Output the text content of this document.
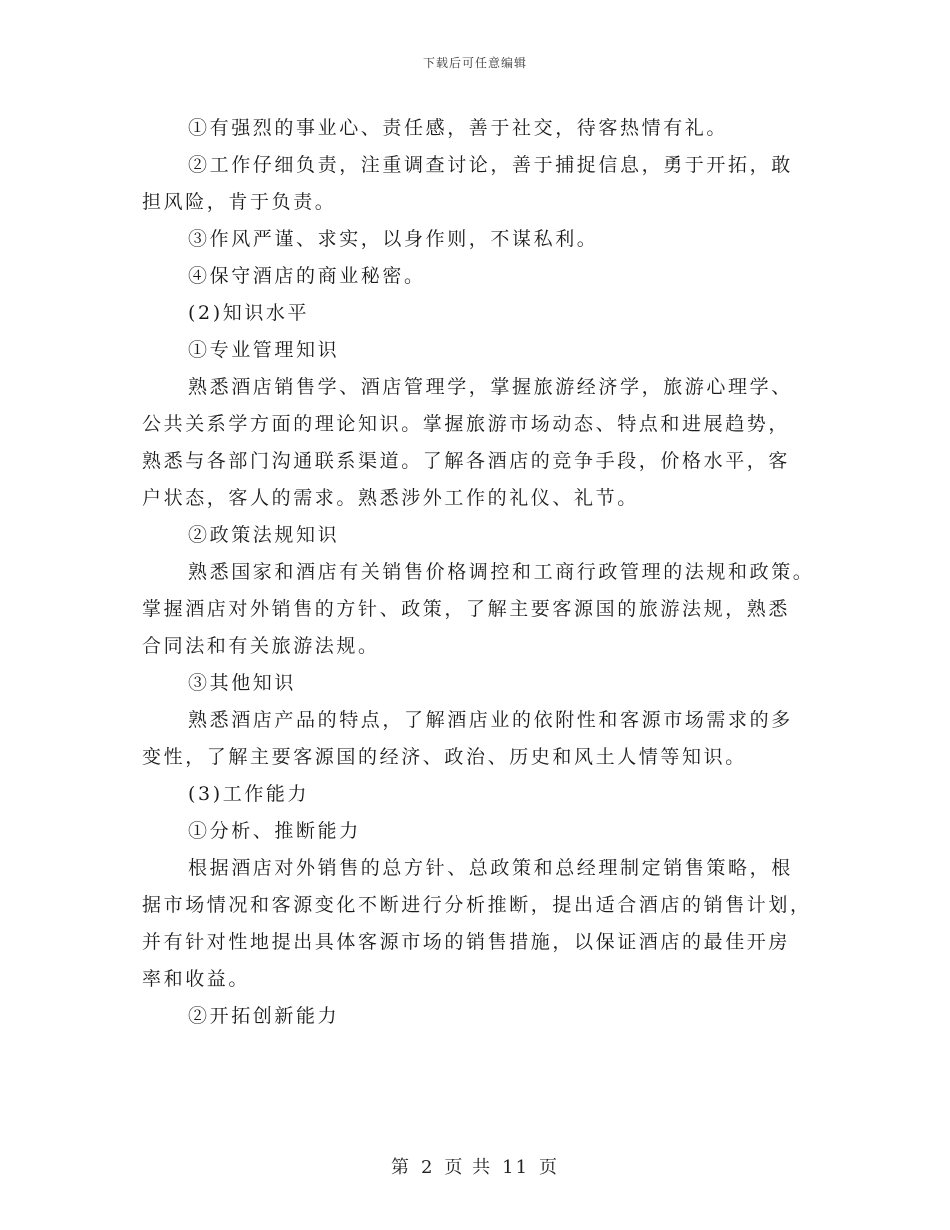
下载后可任意编辑
①有强烈的事业心、责任感，善于社交，待客热情有礼。
②工作仔细负责，注重调查讨论，善于捕捉信息，勇于开拓，敢
担风险，肯于负责。
③作风严谨、求实，以身作则，不谋私利。
④保守酒店的商业秘密。
(2)知识水平
①专业管理知识
熟悉酒店销售学、酒店管理学，掌握旅游经济学，旅游心理学、
公共关系学方面的理论知识。掌握旅游市场动态、特点和进展趋势，
熟悉与各部门沟通联系渠道。了解各酒店的竞争手段，价格水平，客
户状态，客人的需求。熟悉涉外工作的礼仪、礼节。
②政策法规知识
熟悉国家和酒店有关销售价格调控和工商行政管理的法规和政策。
掌握酒店对外销售的方针、政策，了解主要客源国的旅游法规，熟悉
合同法和有关旅游法规。
③其他知识
熟悉酒店产品的特点，了解酒店业的依附性和客源市场需求的多
变性，了解主要客源国的经济、政治、历史和风土人情等知识。
(3)工作能力
①分析、推断能力
根据酒店对外销售的总方针、总政策和总经理制定销售策略，根
据市场情况和客源变化不断进行分析推断，提出适合酒店的销售计划，
并有针对性地提出具体客源市场的销售措施，以保证酒店的最佳开房
率和收益。
②开拓创新能力
第 2 页 共 11 页
